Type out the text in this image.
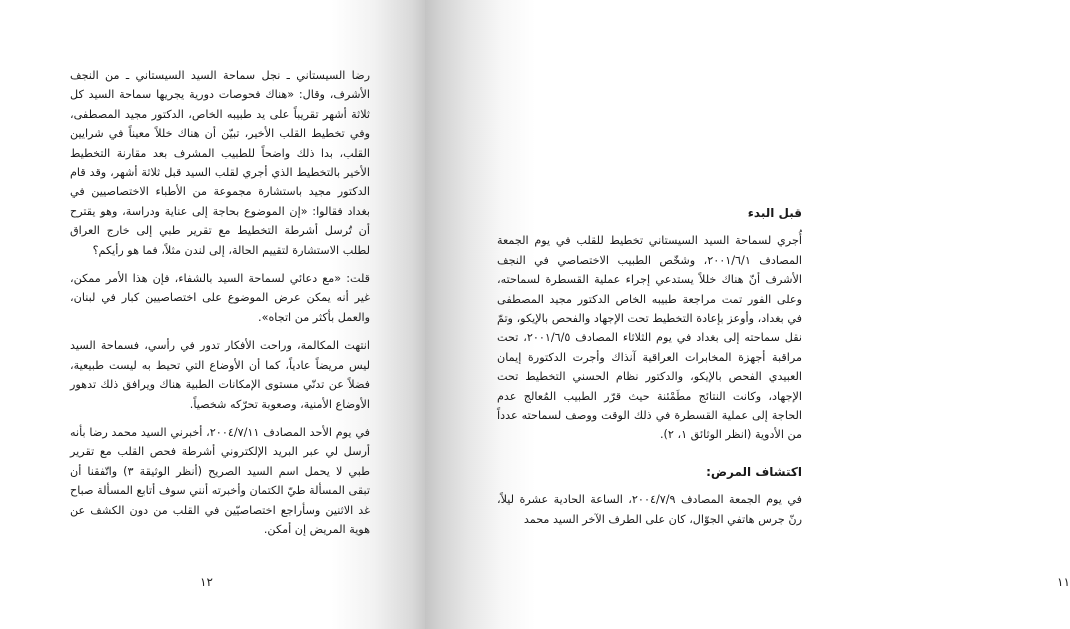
رضا السيستاني ـ نجل سماحة السيد السيستاني ـ من النجف الأشرف، وقال: «هناك فحوصات دورية يجريها سماحة السيد كل ثلاثة أشهر تقريباً على يد طبيبه الخاص، الدكتور مجيد المصطفى، وفي تخطيط القلب الأخير، تبيّن أن هناك خللاً معيناً في شرايين القلب، بدا ذلك واضحاً للطبيب المشرف بعد مقارنة التخطيط الأخير بالتخطيط الذي أجري لقلب السيد قبل ثلاثة أشهر، وقد قام الدكتور مجيد باستشارة مجموعة من الأطباء الاختصاصيين في بغداد فقالوا: «إن الموضوع بحاجة إلى عناية ودراسة، وهو يقترح أن تُرسل أشرطة التخطيط مع تقرير طبي إلى خارج العراق لطلب الاستشارة لتقييم الحالة، إلى لندن مثلاً، فما هو رأيكم؟

قلت: «مع دعائي لسماحة السيد بالشفاء، فإن هذا الأمر ممكن، غير أنه يمكن عرض الموضوع على اختصاصيين كبار في لبنان، والعمل بأكثر من اتجاه».

انتهت المكالمة، وراحت الأفكار تدور في رأسي، فسماحة السيد ليس مريضاً عادياً، كما أن الأوضاع التي تحيط به ليست طبيعية، فضلاً عن تدنّي مستوى الإمكانات الطبية هناك ويرافق ذلك تدهور الأوضاع الأمنية، وصعوبة تحرّكه شخصياً.

في يوم الأحد المصادف ٢٠٠٤/٧/١١، أخبرني السيد محمد رضا بأنه أرسل لي عبر البريد الإلكتروني أشرطة فحص القلب مع تقرير طبي لا يحمل اسم السيد الصريح (أنظر الوثيقة ٣) واتّفقنا أن تبقى المسألة طيّ الكتمان وأخبرته أنني سوف أتابع المسألة صباح غد الاثنين وسأراجع اختصاصيّين في القلب من دون الكشف عن هوية المريض إن أمكن.

١٢
قبل البدء

أُجري لسماحة السيد السيستاني تخطيط للقلب في يوم الجمعة المصادف ٢٠٠١/٦/١، وشخّص الطبيب الاختصاصي في النجف الأشرف أنّ هناك خللاً يستدعي إجراء عملية القسطرة لسماحته، وعلى الفور تمت مراجعة طبيبه الخاص الدكتور مجيد المصطفى في بغداد، وأوعز بإعادة التخطيط تحت الإجهاد والفحص بالإيكو، وتمّ نقل سماحته إلى بغداد في يوم الثلاثاء المصادف ٢٠٠١/٦/٥، تحت مراقبة أجهزة المخابرات العراقية آنذاك وأجرت الدكتورة إيمان العبيدي الفحص بالإيكو، والدكتور نظام الحسني التخطيط تحت الإجهاد، وكانت النتائج مطَمْئنة حيث قرّر الطبيب المُعالج عدم الحاجة إلى عملية القسطرة في ذلك الوقت ووصف لسماحته عدداً من الأدوية (انظر الوثائق ١، ٢).

اكتشاف المرض:

في يوم الجمعة المصادف ٢٠٠٤/٧/٩، الساعة الحادية عشرة ليلاً، رنّ جرس هاتفي الجوّال، كان على الطرف الآخر السيد محمد

١١
